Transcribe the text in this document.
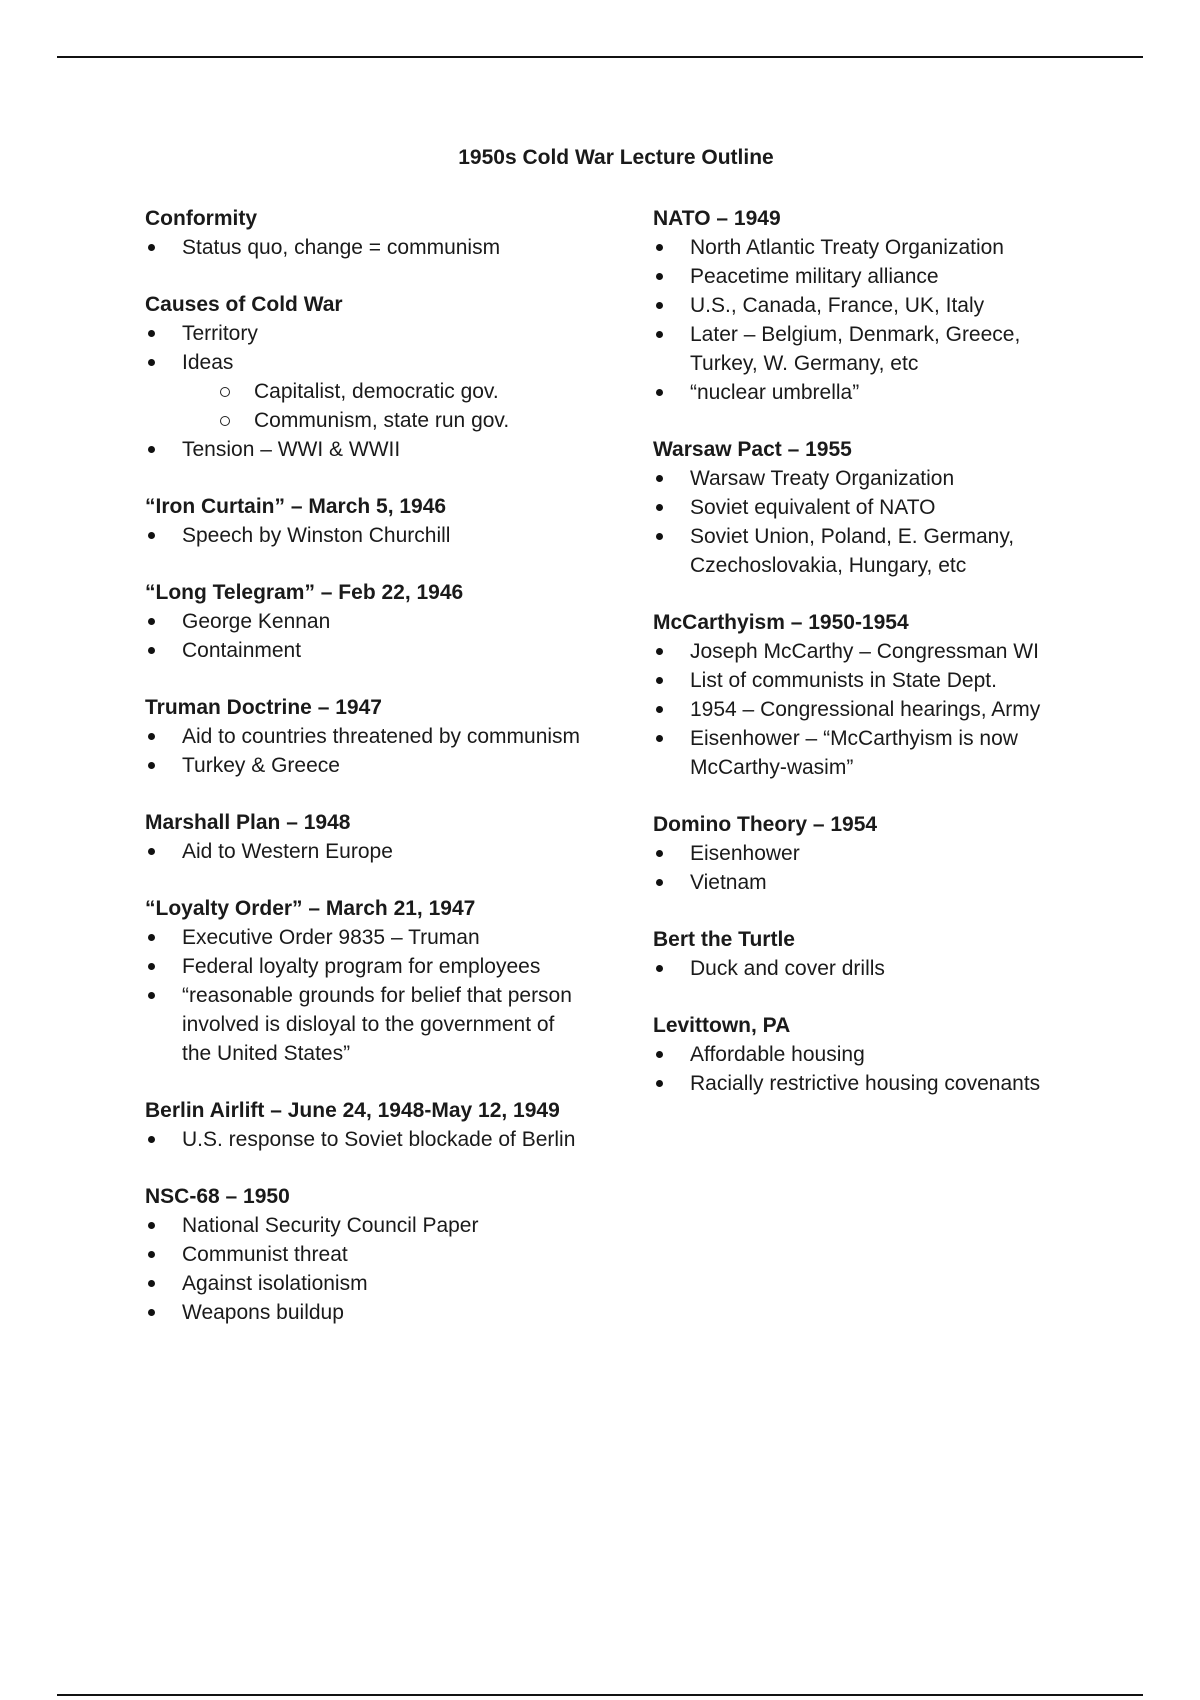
1950s Cold War Lecture Outline
Conformity
Status quo, change = communism
Causes of Cold War
Territory
Ideas
Capitalist, democratic gov.
Communism, state run gov.
Tension – WWI & WWII
“Iron Curtain” – March 5, 1946
Speech by Winston Churchill
“Long Telegram” – Feb 22, 1946
George Kennan
Containment
Truman Doctrine – 1947
Aid to countries threatened by communism
Turkey & Greece
Marshall Plan – 1948
Aid to Western Europe
“Loyalty Order” – March 21, 1947
Executive Order 9835 – Truman
Federal loyalty program for employees
“reasonable grounds for belief that person involved is disloyal to the government of the United States”
Berlin Airlift – June 24, 1948-May 12, 1949
U.S. response to Soviet blockade of Berlin
NSC-68 – 1950
National Security Council Paper
Communist threat
Against isolationism
Weapons buildup
NATO – 1949
North Atlantic Treaty Organization
Peacetime military alliance
U.S., Canada, France, UK, Italy
Later – Belgium, Denmark, Greece, Turkey, W. Germany, etc
“nuclear umbrella”
Warsaw Pact – 1955
Warsaw Treaty Organization
Soviet equivalent of NATO
Soviet Union, Poland, E. Germany, Czechoslovakia, Hungary, etc
McCarthyism – 1950-1954
Joseph McCarthy – Congressman WI
List of communists in State Dept.
1954 – Congressional hearings, Army
Eisenhower – “McCarthyism is now McCarthy-wasim”
Domino Theory – 1954
Eisenhower
Vietnam
Bert the Turtle
Duck and cover drills
Levittown, PA
Affordable housing
Racially restrictive housing covenants
